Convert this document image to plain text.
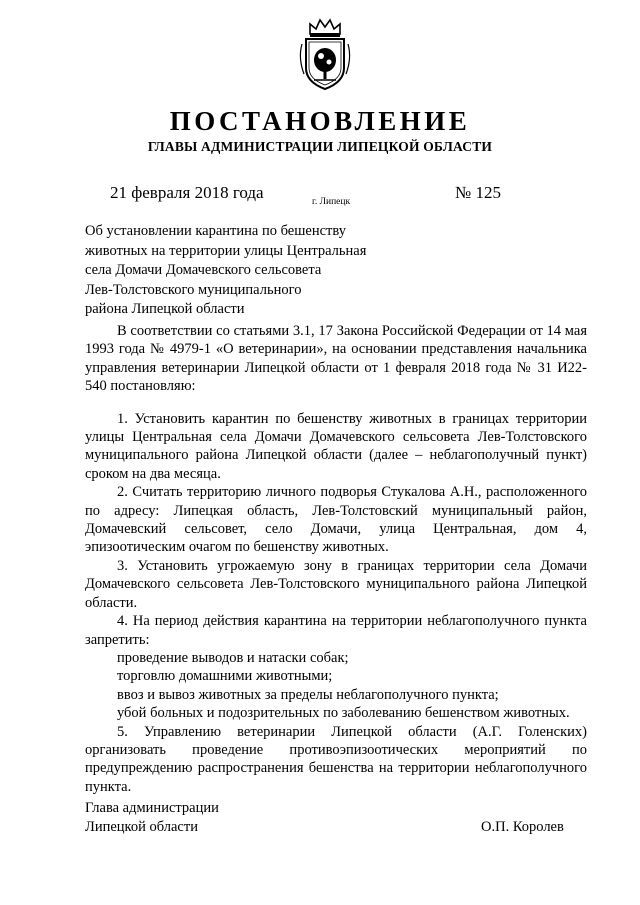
ПОСТАНОВЛЕНИЕ
ГЛАВЫ АДМИНИСТРАЦИИ ЛИПЕЦКОЙ ОБЛАСТИ
21 февраля 2018 года	г. Липецк	№ 125
Об установлении карантина по бешенству
животных на территории улицы Центральная
села Домачи Домачевского сельсовета
Лев-Толстовского муниципального
района Липецкой области

В соответствии со статьями 3.1, 17 Закона Российской Федерации от 14 мая 1993 года № 4979-1 «О ветеринарии», на основании представления начальника управления ветеринарии Липецкой области от 1 февраля 2018 года № 31 И22-540 постановляю:

1. Установить карантин по бешенству животных в границах территории улицы Центральная села Домачи Домачевского сельсовета Лев-Толстовского муниципального района Липецкой области (далее – неблагополучный пункт) сроком на два месяца.

2. Считать территорию личного подворья Стукалова А.Н., расположенного по адресу: Липецкая область, Лев-Толстовский муниципальный район, Домачевский сельсовет, село Домачи, улица Центральная, дом 4, эпизоотическим очагом по бешенству животных.

3. Установить угрожаемую зону в границах территории села Домачи Домачевского сельсовета Лев-Толстовского муниципального района Липецкой области.

4. На период действия карантина на территории неблагополучного пункта запретить:

проведение выводов и натаски собак;

торговлю домашними животными;

ввоз и вывоз животных за пределы неблагополучного пункта;

убой больных и подозрительных по заболеванию бешенством животных.

5. Управлению ветеринарии Липецкой области (А.Г. Голенских) организовать проведение противоэпизоотических мероприятий по предупреждению распространения бешенства на территории неблагополучного пункта.

Глава администрации
Липецкой области	О.П. Королев
